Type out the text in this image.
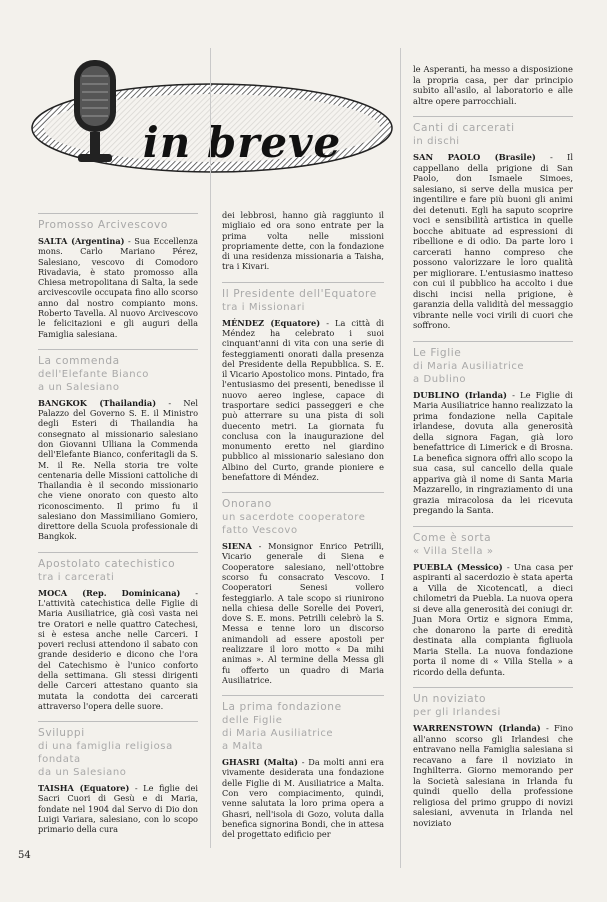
in breve
Promosso Arcivescovo
SALTA (Argentina) - Sua Eccellenza mons. Carlo Mariano Pérez, Salesiano, vescovo di Comodoro Rivadavia, è stato promosso alla Chiesa metropolitana di Salta, la sede arcivescovile occupata fino allo scorso anno dal nostro compianto mons. Roberto Tavella. Al nuovo Arcivescovo le felicitazioni e gli auguri della Famiglia salesiana.
La commenda
dell'Elefante Bianco
a un Salesiano
BANGKOK (Thailandia) - Nel Palazzo del Governo S. E. il Ministro degli Esteri di Thailandia ha consegnato al missionario salesiano don Giovanni Ulliana la Commenda dell'Elefante Bianco, conferitagli da S. M. il Re. Nella storia tre volte centenaria delle Missioni cattoliche di Thailandia è il secondo missionario che viene onorato con questo alto riconoscimento. Il primo fu il salesiano don Massimiliano Gomiero, direttore della Scuola professionale di Bangkok.
Apostolato catechistico
tra i carcerati
MOCA (Rep. Dominicana) - L'attività catechistica delle Figlie di Maria Ausiliatrice, già così vasta nei tre Oratori e nelle quattro Catechesi, si è estesa anche nelle Carceri. I poveri reclusi attendono il sabato con grande desiderio e dicono che l'ora del Catechismo è l'unico conforto della settimana. Gli stessi dirigenti delle Carceri attestano quanto sia mutata la condotta dei carcerati attraverso l'opera delle suore.
Sviluppi
di una famiglia religiosa
fondata
da un Salesiano
TAISHA (Equatore) - Le figlie dei Sacri Cuori di Gesù e di Maria, fondate nel 1904 dal Servo di Dio don Luigi Variara, salesiano, con lo scopo primario della cura
dei lebbrosi, hanno già raggiunto il migliaio ed ora sono entrate per la prima volta nelle missioni propriamente dette, con la fondazione di una residenza missionaria a Taisha, tra i Kivari.
Il Presidente dell'Equatore
tra i Missionari
MÉNDEZ (Equatore) - La città di Méndez ha celebrato i suoi cinquant'anni di vita con una serie di festeggiamenti onorati dalla presenza del Presidente della Repubblica. S. E. il Vicario Apostolico mons. Pintado, fra l'entusiasmo dei presenti, benedisse il nuovo aereo inglese, capace di trasportare sedici passeggeri e che può atterrare su una pista di soli duecento metri. La giornata fu conclusa con la inaugurazione del monumento eretto nel giardino pubblico al missionario salesiano don Albino del Curto, grande pioniere e benefattore di Méndez.
Onorano
un sacerdote cooperatore
fatto Vescovo
SIENA - Monsignor Enrico Petrilli, Vicario generale di Siena e Cooperatore salesiano, nell'ottobre scorso fu consacrato Vescovo. I Cooperatori Senesi vollero festeggiarlo. A tale scopo si riunirono nella chiesa delle Sorelle dei Poveri, dove S. E. mons. Petrilli celebrò la S. Messa e tenne loro un discorso animandoli ad essere apostoli per realizzare il loro motto « Da mihi animas ». Al termine della Messa gli fu offerto un quadro di Maria Ausiliatrice.
La prima fondazione
delle Figlie
di Maria Ausiliatrice
a Malta
GHASRI (Malta) - Da molti anni era vivamente desiderata una fondazione delle Figlie di M. Ausiliatrice a Malta. Con vero compiacimento, quindi, venne salutata la loro prima opera a Ghasri, nell'isola di Gozo, voluta dalla benefica signorina Bondi, che in attesa del progettato edificio per
le Asperanti, ha messo a disposizione la propria casa, per dar principio subito all'asilo, al laboratorio e alle altre opere parrocchiali.
Canti di carcerati
in dischi
SAN PAOLO (Brasile) - Il cappellano della prigione di San Paolo, don Ismaele Simoes, salesiano, si serve della musica per ingentilire e fare più buoni gli animi dei detenuti. Egli ha saputo scoprire voci e sensibilità artistica in quelle bocche abituate ad espressioni di ribellione e di odio. Da parte loro i carcerati hanno compreso che possono valorizzare le loro qualità per migliorare. L'entusiasmo inatteso con cui il pubblico ha accolto i due dischi incisi nella prigione, è garanzia della validità del messaggio vibrante nelle voci virili di cuori che soffrono.
Le Figlie
di Maria Ausiliatrice
a Dublino
DUBLINO (Irlanda) - Le Figlie di Maria Ausiliatrice hanno realizzato la prima fondazione nella Capitale irlandese, dovuta alla generosità della signora Fagan, già loro benefattrice di Limerick e di Brosna. La benefica signora offrì allo scopo la sua casa, sul cancello della quale appariva già il nome di Santa Maria Mazzarello, in ringraziamento di una grazia miracolosa da lei ricevuta pregando la Santa.
Come è sorta
« Villa Stella »
PUEBLA (Messico) - Una casa per aspiranti al sacerdozio è stata aperta a Villa de Xicotencatl, a dieci chilometri da Puebla. La nuova opera si deve alla generosità dei coniugi dr. Juan Mora Ortiz e signora Emma, che donarono la parte di eredità destinata alla compianta figliuola Maria Stella. La nuova fondazione porta il nome di « Villa Stella » a ricordo della defunta.
Un noviziato
per gli Irlandesi
WARRENSTOWN (Irlanda) - Fino all'anno scorso gli Irlandesi che entravano nella Famiglia salesiana si recavano a fare il noviziato in Inghilterra. Giorno memorando per la Società salesiana in Irlanda fu quindi quello della professione religiosa del primo gruppo di novizi salesiani, avvenuta in Irlanda nel noviziato
54
